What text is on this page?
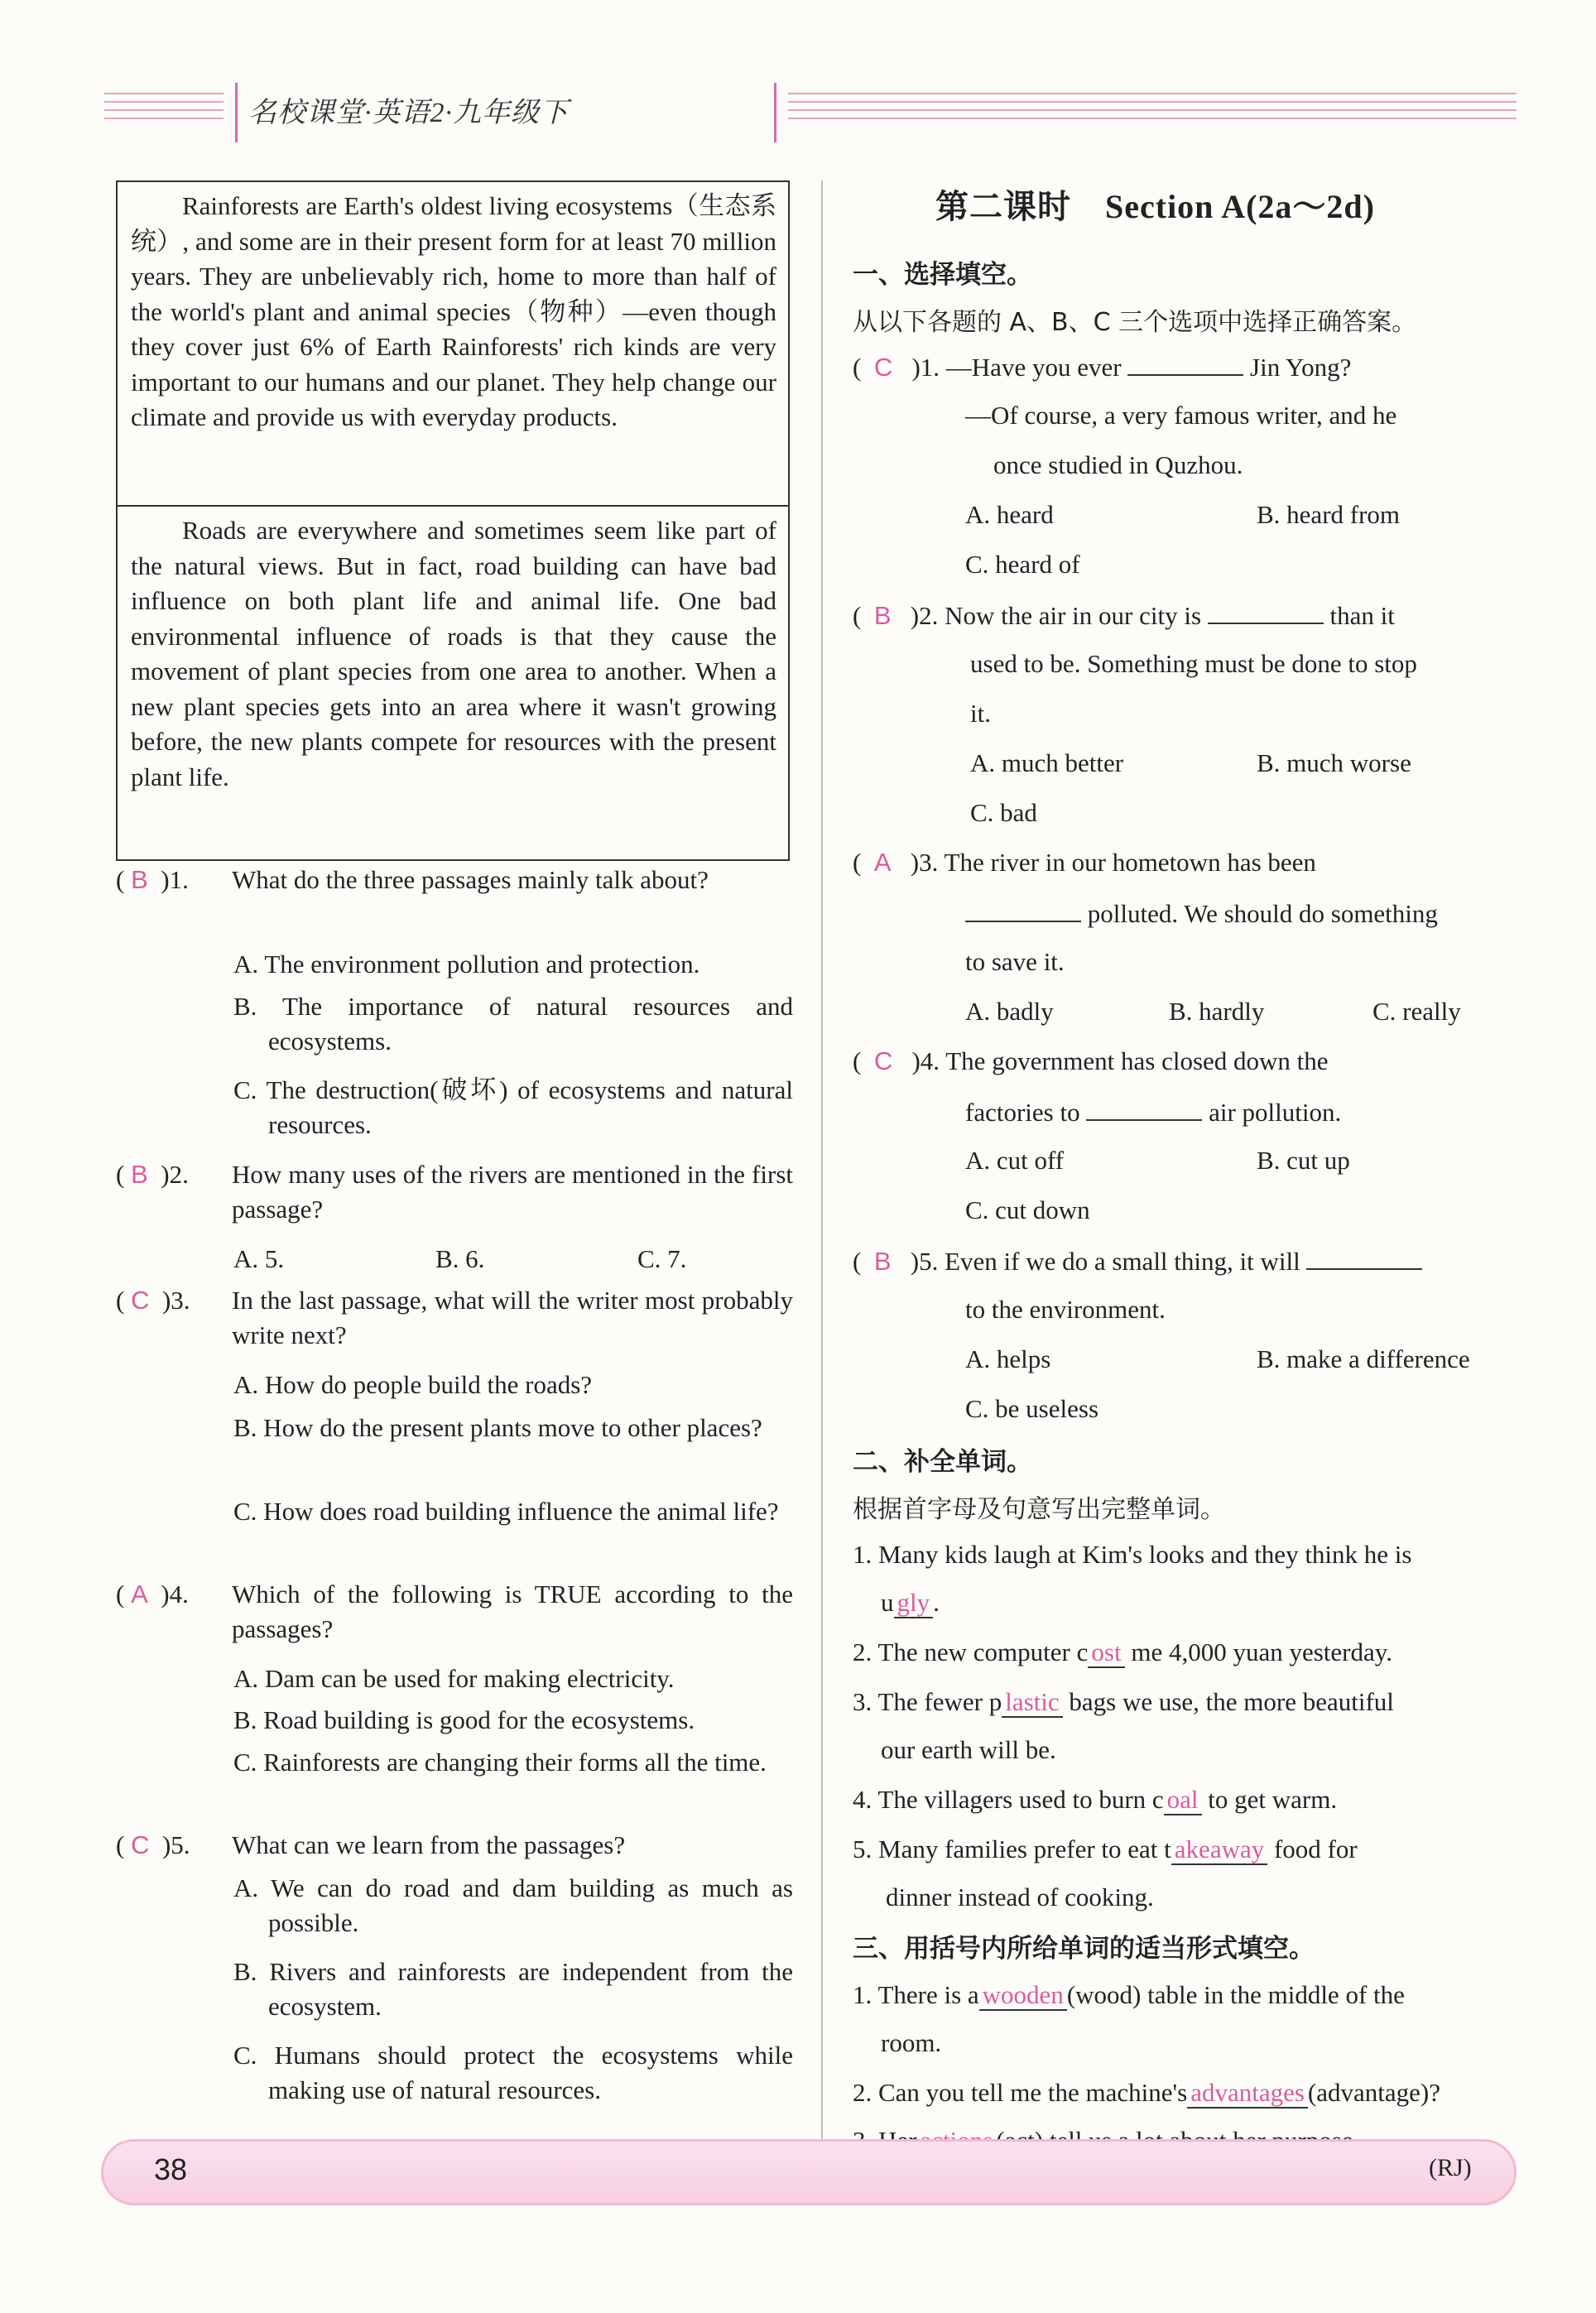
名校课堂·英语2·九年级下

Rainforests are Earth's oldest living ecosystems（生态系统）, and some are in their present form for at least 70 million years. They are unbelievably rich, home to more than half of the world's plant and animal species（物种）—even though they cover just 6% of Earth Rainforests' rich kinds are very important to our humans and our planet. They help change our climate and provide us with everyday products.

Roads are everywhere and sometimes seem like part of the natural views. But in fact, road building can have bad influence on both plant life and animal life. One bad environmental influence of roads is that they cause the movement of plant species from one area to another. When a new plant species gets into an area where it wasn't growing before, the new plants compete for resources with the present plant life.

( B )1. What do the three passages mainly talk about?
A. The environment pollution and protection.
B. The importance of natural resources and ecosystems.
C. The destruction(破坏) of ecosystems and natural resources.
( B )2. How many uses of the rivers are mentioned in the first passage?
A. 5.	B. 6.	C. 7.
( C )3. In the last passage, what will the writer most probably write next?
A. How do people build the roads?
B. How do the present plants move to other places?
C. How does road building influence the animal life?
( A )4. Which of the following is TRUE according to the passages?
A. Dam can be used for making electricity.
B. Road building is good for the ecosystems.
C. Rainforests are changing their forms all the time.
( C )5. What can we learn from the passages?
A. We can do road and dam building as much as possible.
B. Rivers and rainforests are independent from the ecosystem.
C. Humans should protect the ecosystems while making use of natural resources.
第二课时　Section A(2a～2d)
一、选择填空。
从以下各题的 A、B、C 三个选项中选择正确答案。
(  C )1. —Have you ever	Jin Yong?
—Of course, a very famous writer, and he
once studied in Quzhou.
A. heard	B. heard from
C. heard of
(  B )2. Now the air in our city is	than it
used to be. Something must be done to stop
it.
A. much better	B. much worse
C. bad
(  A )3. The river in our hometown has been
polluted. We should do something
to save it.
A. badly	B. hardly	C. really
(  C )4. The government has closed down the
factories to	air pollution.
A. cut off	B. cut up
C. cut down
(  B )5. Even if we do a small thing, it will
to the environment.
A. helps	B. make a difference
C. be useless
二、补全单词。
根据首字母及句意写出完整单词。
1. Many kids laugh at Kim's looks and they think he is
u gly .
2. The new computer c ost me 4,000 yuan yesterday.
3. The fewer p lastic bags we use, the more beautiful
our earth will be.
4. The villagers used to burn c oal to get warm.
5. Many families prefer to eat t akeaway food for
dinner instead of cooking.
三、用括号内所给单词的适当形式填空。
1. There is a wooden (wood) table in the middle of the
room.
2. Can you tell me the machine's advantages (advantage)?
38	(RJ)
